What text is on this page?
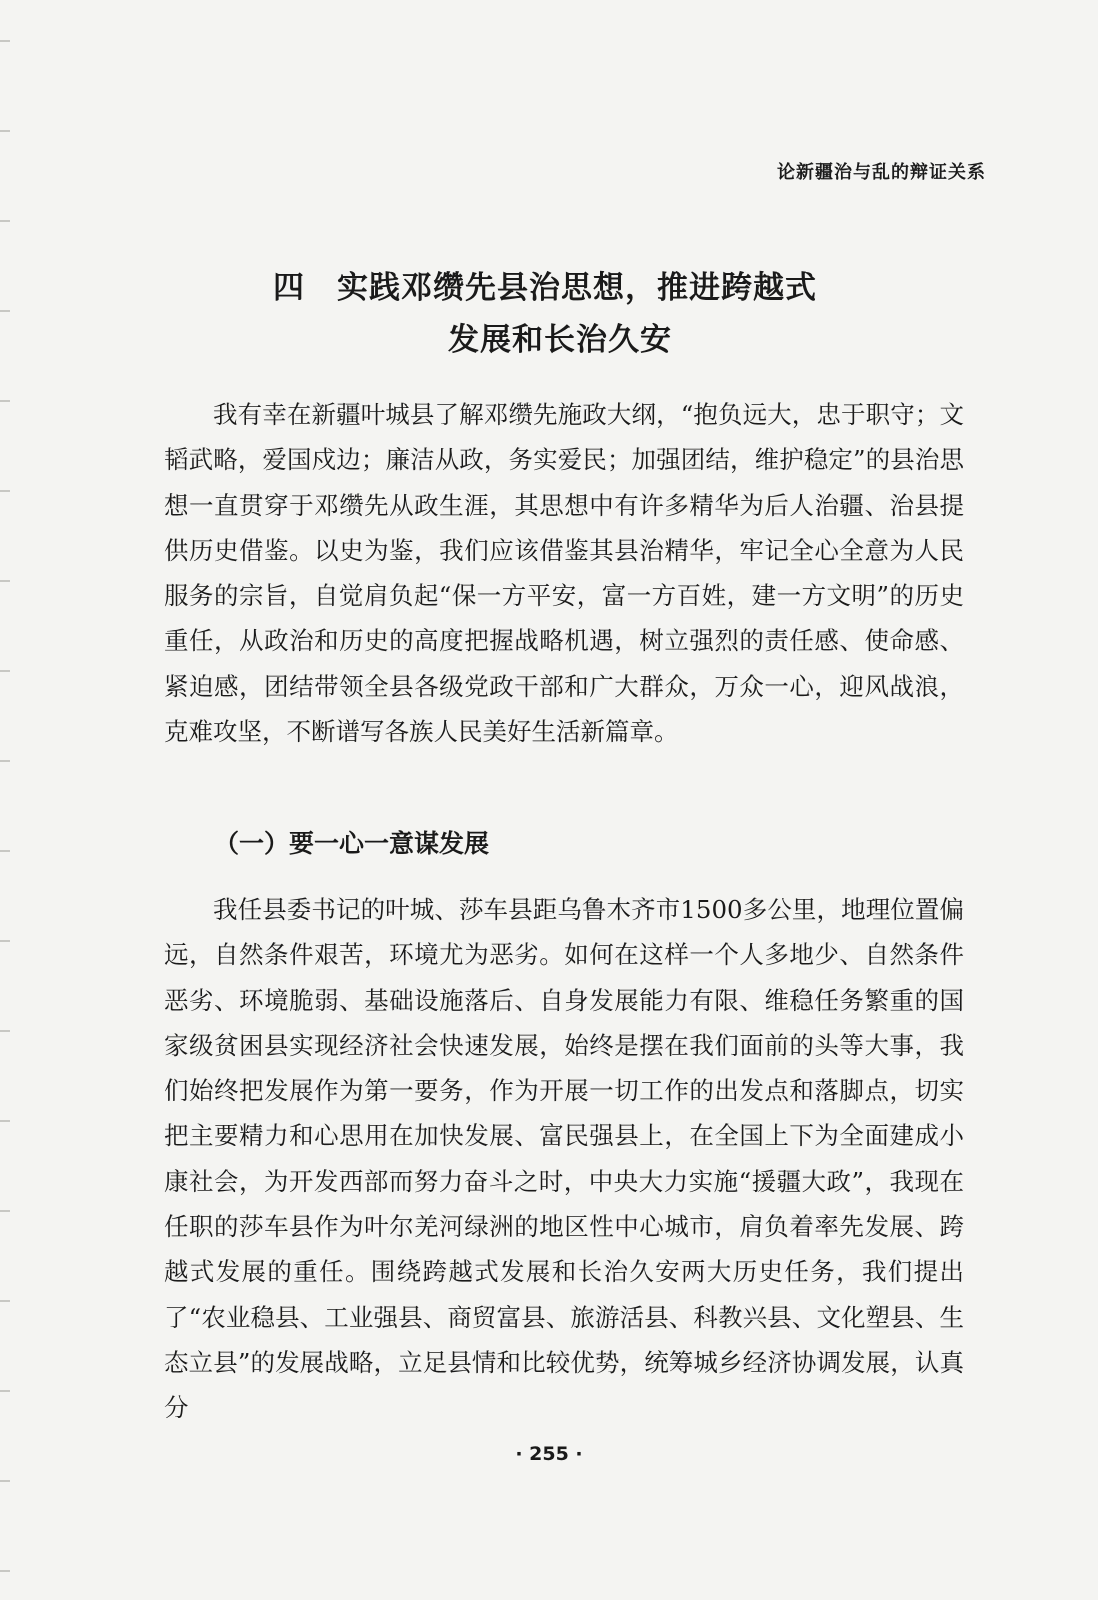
论新疆治与乱的辩证关系
四 实践邓缵先县治思想，推进跨越式
发展和长治久安

我有幸在新疆叶城县了解邓缵先施政大纲，“抱负远大，忠于职守；文韬武略，爱国戍边；廉洁从政，务实爱民；加强团结，维护稳定”的县治思想一直贯穿于邓缵先从政生涯，其思想中有许多精华为后人治疆、治县提供历史借鉴。以史为鉴，我们应该借鉴其县治精华，牢记全心全意为人民服务的宗旨，自觉肩负起“保一方平安，富一方百姓，建一方文明”的历史重任，从政治和历史的高度把握战略机遇，树立强烈的责任感、使命感、紧迫感，团结带领全县各级党政干部和广大群众，万众一心，迎风战浪，克难攻坚，不断谱写各族人民美好生活新篇章。

（一）要一心一意谋发展

我任县委书记的叶城、莎车县距乌鲁木齐市1500多公里，地理位置偏远，自然条件艰苦，环境尤为恶劣。如何在这样一个人多地少、自然条件恶劣、环境脆弱、基础设施落后、自身发展能力有限、维稳任务繁重的国家级贫困县实现经济社会快速发展，始终是摆在我们面前的头等大事，我们始终把发展作为第一要务，作为开展一切工作的出发点和落脚点，切实把主要精力和心思用在加快发展、富民强县上，在全国上下为全面建成小康社会，为开发西部而努力奋斗之时，中央大力实施“援疆大政”，我现在任职的莎车县作为叶尔羌河绿洲的地区性中心城市，肩负着率先发展、跨越式发展的重任。围绕跨越式发展和长治久安两大历史任务，我们提出了“农业稳县、工业强县、商贸富县、旅游活县、科教兴县、文化塑县、生态立县”的发展战略，立足县情和比较优势，统筹城乡经济协调发展，认真分

· 255 ·
